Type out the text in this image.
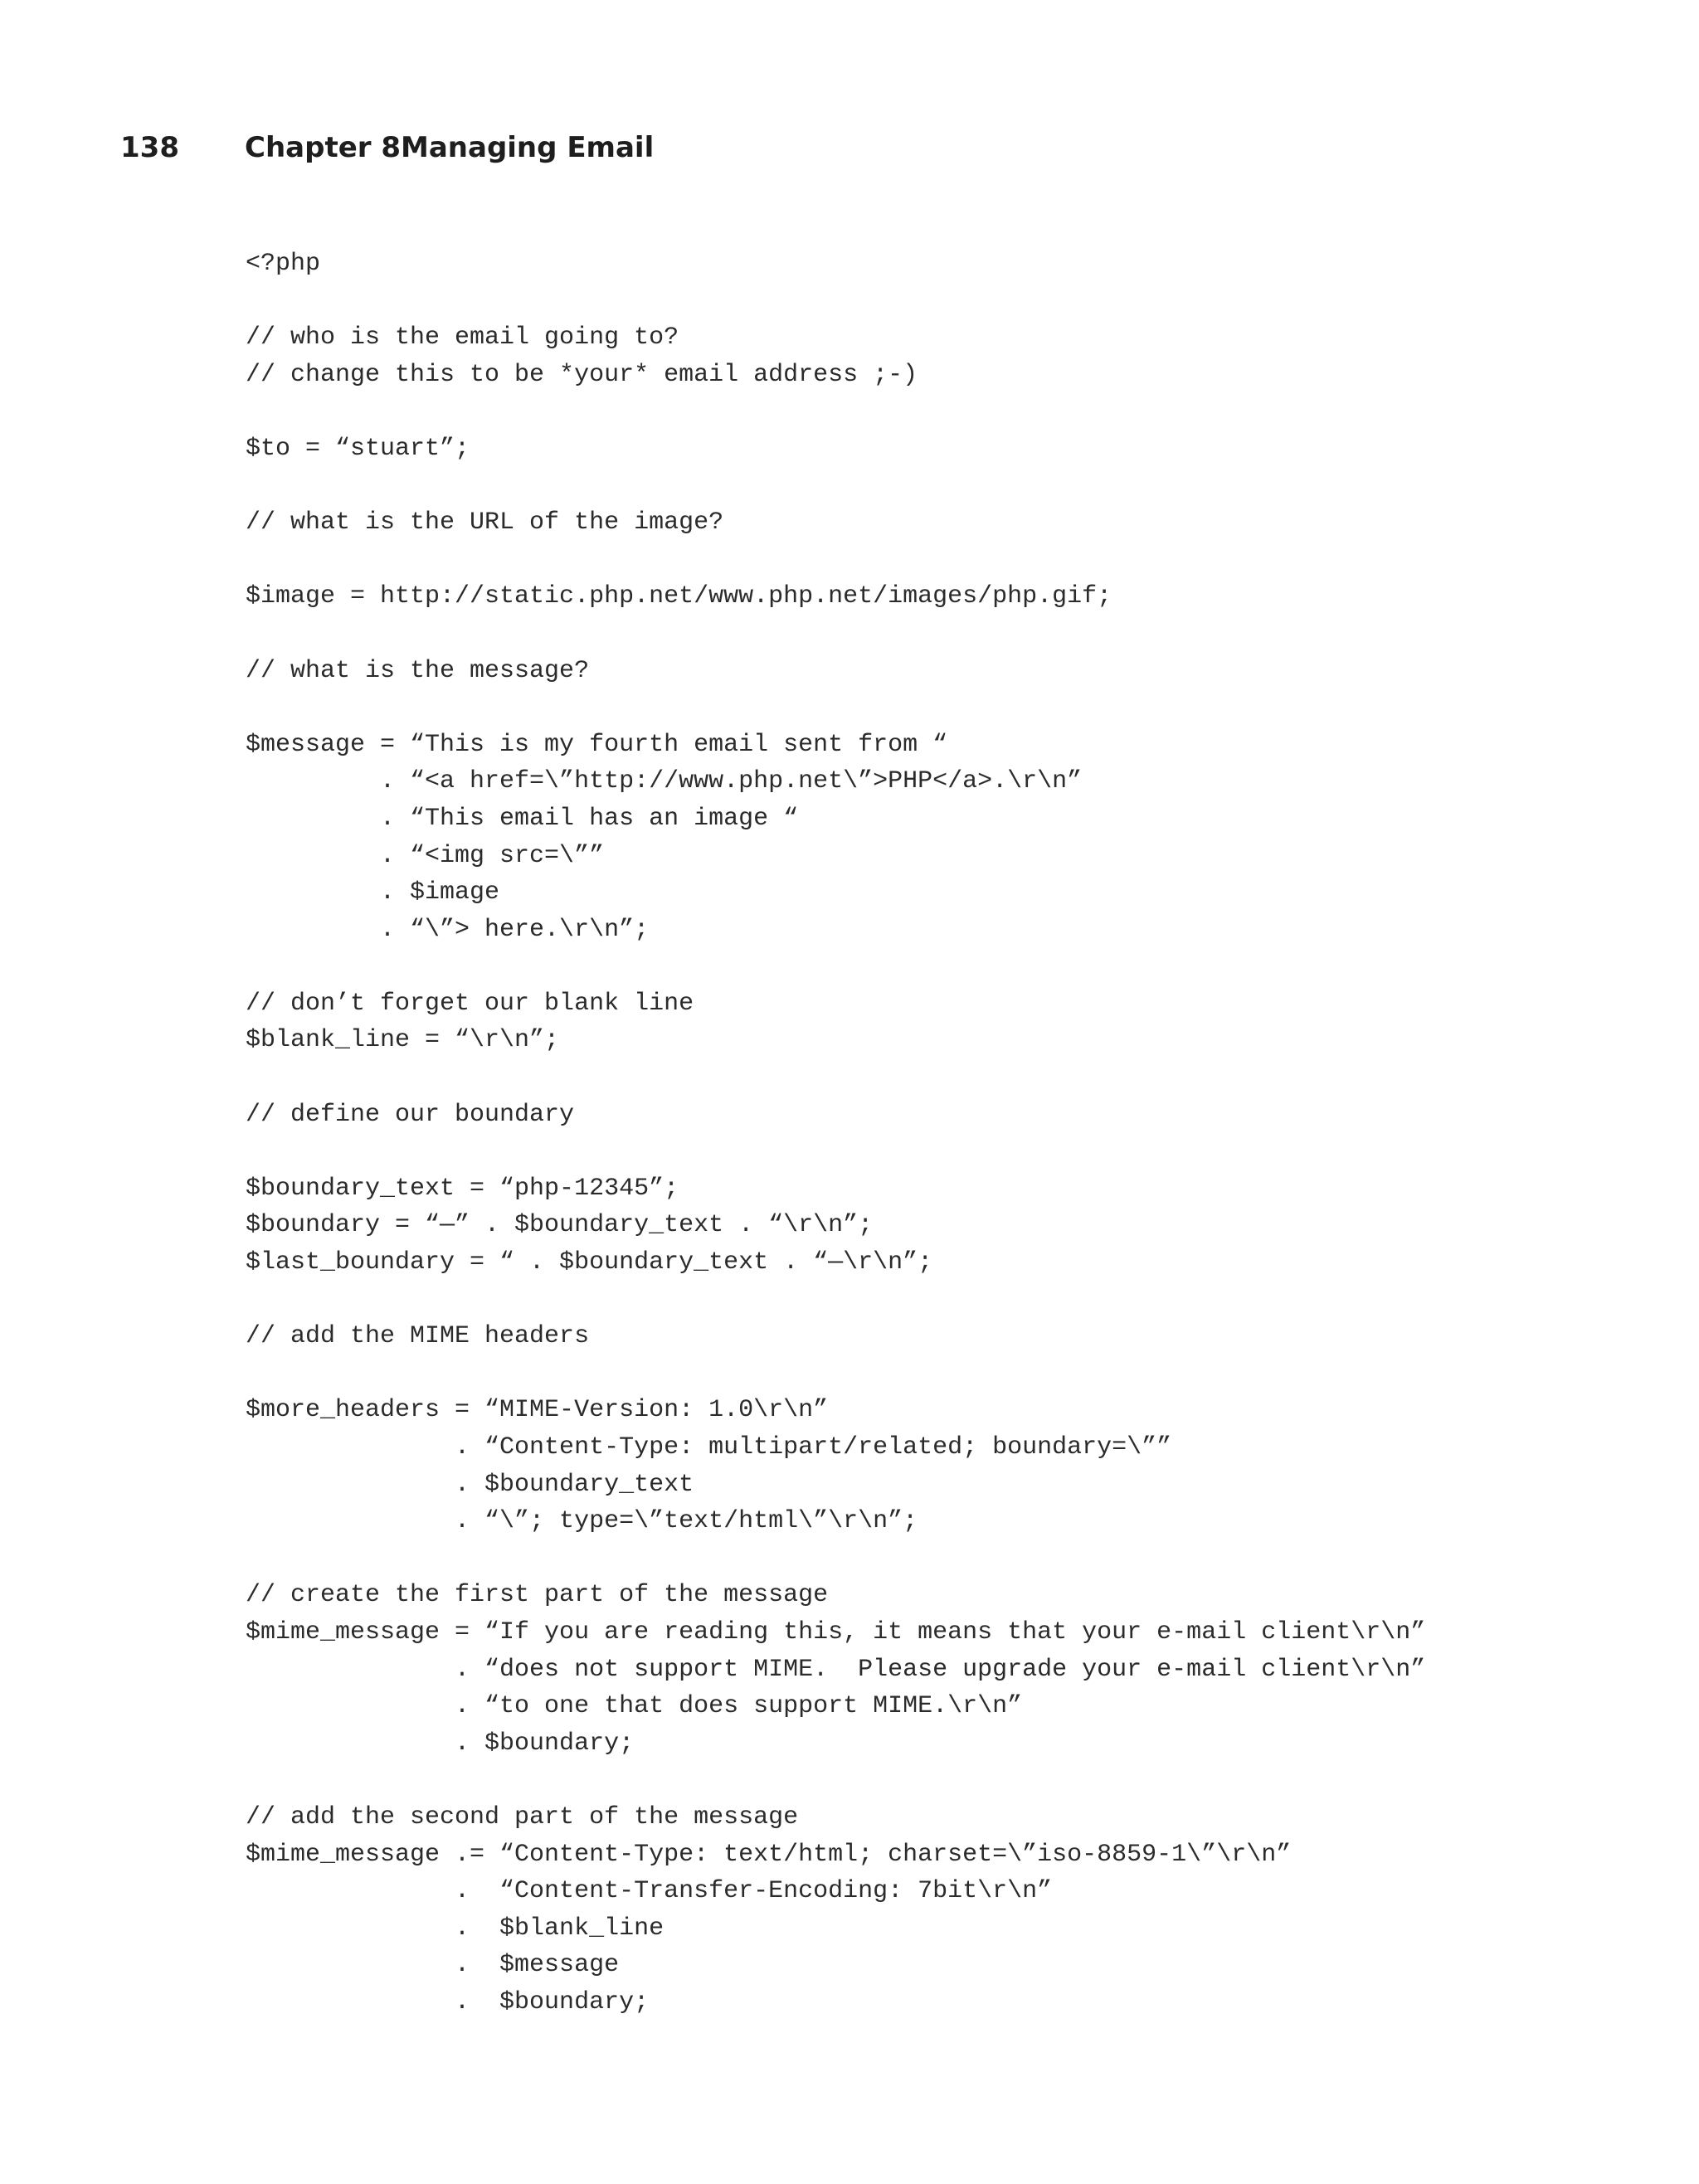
138	Chapter 8 Managing Email
<?php
// who is the email going to?
// change this to be *your* email address ;-)
$to = “stuart”;
// what is the URL of the image?
$image = http://static.php.net/www.php.net/images/php.gif;
// what is the message?
$message = “This is my fourth email sent from “
. “<a href=\”http://www.php.net\”>PHP</a>.\r\n”
. “This email has an image “
. “<img src=\””
. $image
. “\”> here.\r\n”;
// don’t forget our blank line
$blank_line = “\r\n”;
// define our boundary
$boundary_text = “php-12345”;
$boundary = “—” . $boundary_text . “\r\n”;
$last_boundary = “ . $boundary_text . “—\r\n”;
// add the MIME headers
$more_headers = “MIME-Version: 1.0\r\n”
. “Content-Type: multipart/related; boundary=\””
. $boundary_text
. “\”; type=\”text/html\”\r\n”;
// create the first part of the message
$mime_message = “If you are reading this, it means that your e-mail client\r\n”
. “does not support MIME.  Please upgrade your e-mail client\r\n”
. “to one that does support MIME.\r\n”
. $boundary;
// add the second part of the message
$mime_message .= “Content-Type: text/html; charset=\”iso-8859-1\”\r\n”
.  “Content-Transfer-Encoding: 7bit\r\n”
.  $blank_line
.  $message
.  $boundary;
